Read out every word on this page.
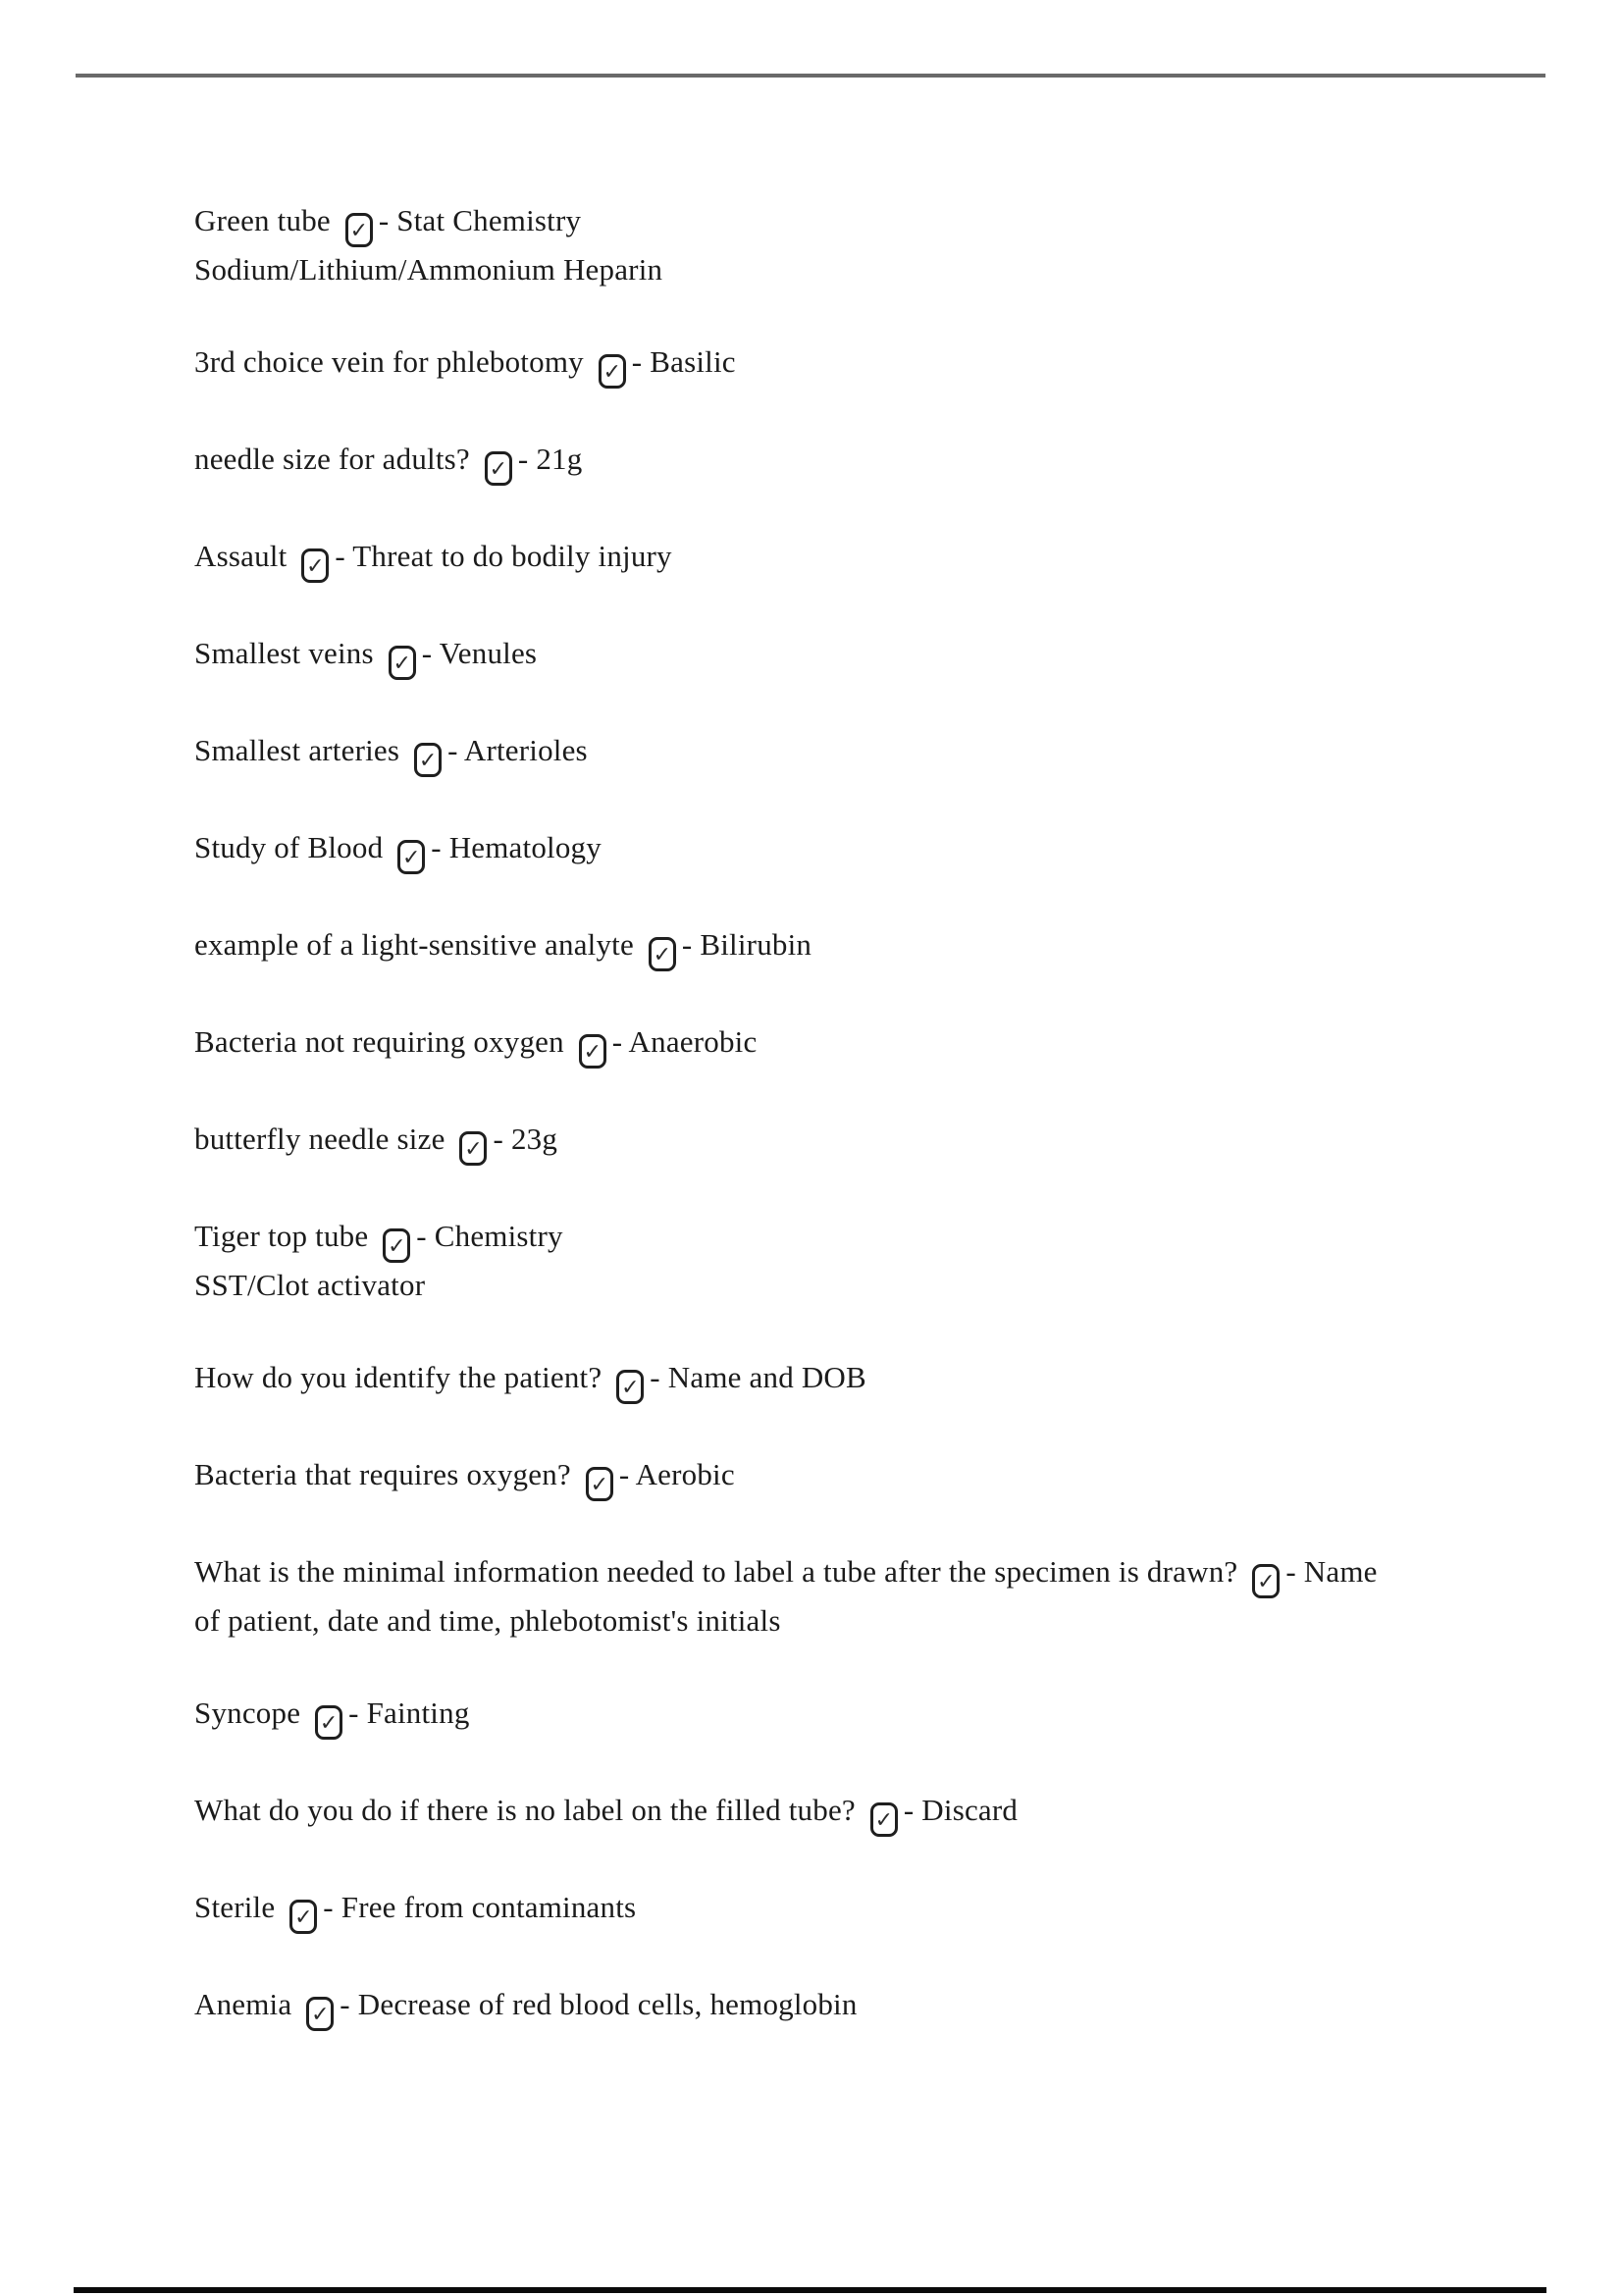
Green tube ✓ - Stat Chemistry
Sodium/Lithium/Ammonium Heparin
3rd choice vein for phlebotomy ✓ - Basilic
needle size for adults? ✓ - 21g
Assault ✓ - Threat to do bodily injury
Smallest veins ✓ - Venules
Smallest arteries ✓ - Arterioles
Study of Blood ✓ - Hematology
example of a light-sensitive analyte ✓ - Bilirubin
Bacteria not requiring oxygen ✓ - Anaerobic
butterfly needle size ✓ - 23g
Tiger top tube ✓ - Chemistry
SST/Clot activator
How do you identify the patient? ✓ - Name and DOB
Bacteria that requires oxygen? ✓ - Aerobic
What is the minimal information needed to label a tube after the specimen is drawn? ✓ - Name
of patient, date and time, phlebotomist's initials
Syncope ✓ - Fainting
What do you do if there is no label on the filled tube? ✓ - Discard
Sterile ✓ - Free from contaminants
Anemia ✓ - Decrease of red blood cells, hemoglobin
